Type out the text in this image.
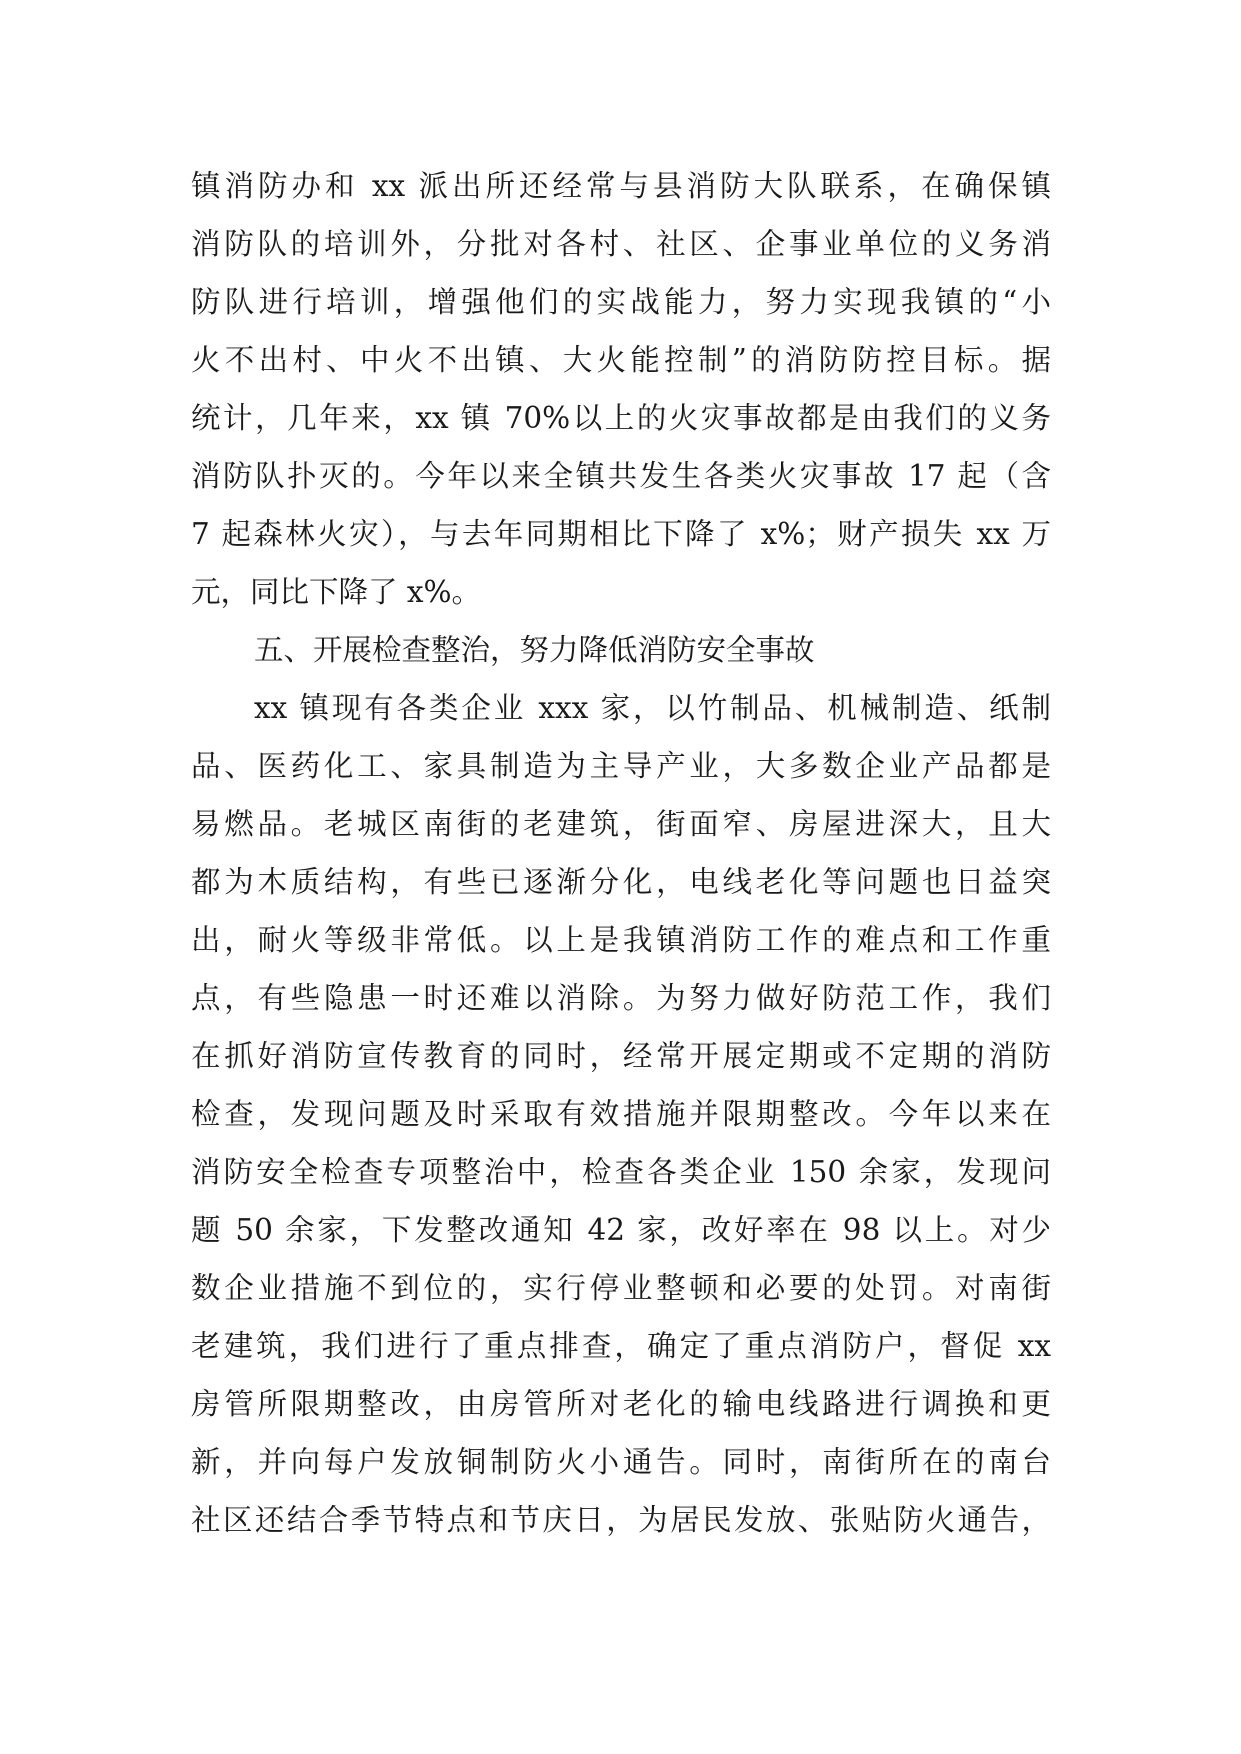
镇消防办和 xx 派出所还经常与县消防大队联系，在确保镇
消防队的培训外，分批对各村、社区、企事业单位的义务消
防队进行培训，增强他们的实战能力，努力实现我镇的“小
火不出村、中火不出镇、大火能控制”的消防防控目标。据
统计，几年来，xx 镇 70%以上的火灾事故都是由我们的义务
消防队扑灭的。今年以来全镇共发生各类火灾事故 17 起（含
7 起森林火灾），与去年同期相比下降了 x%；财产损失 xx 万
元，同比下降了 x%。
五、开展检查整治，努力降低消防安全事故
xx 镇现有各类企业 xxx 家，以竹制品、机械制造、纸制
品、医药化工、家具制造为主导产业，大多数企业产品都是
易燃品。老城区南街的老建筑，街面窄、房屋进深大，且大
都为木质结构，有些已逐渐分化，电线老化等问题也日益突
出，耐火等级非常低。以上是我镇消防工作的难点和工作重
点，有些隐患一时还难以消除。为努力做好防范工作，我们
在抓好消防宣传教育的同时，经常开展定期或不定期的消防
检查，发现问题及时采取有效措施并限期整改。今年以来在
消防安全检查专项整治中，检查各类企业 150 余家，发现问
题 50 余家，下发整改通知 42 家，改好率在 98 以上。对少
数企业措施不到位的，实行停业整顿和必要的处罚。对南街
老建筑，我们进行了重点排查，确定了重点消防户，督促 xx
房管所限期整改，由房管所对老化的输电线路进行调换和更
新，并向每户发放铜制防火小通告。同时，南街所在的南台
社区还结合季节特点和节庆日，为居民发放、张贴防火通告，
